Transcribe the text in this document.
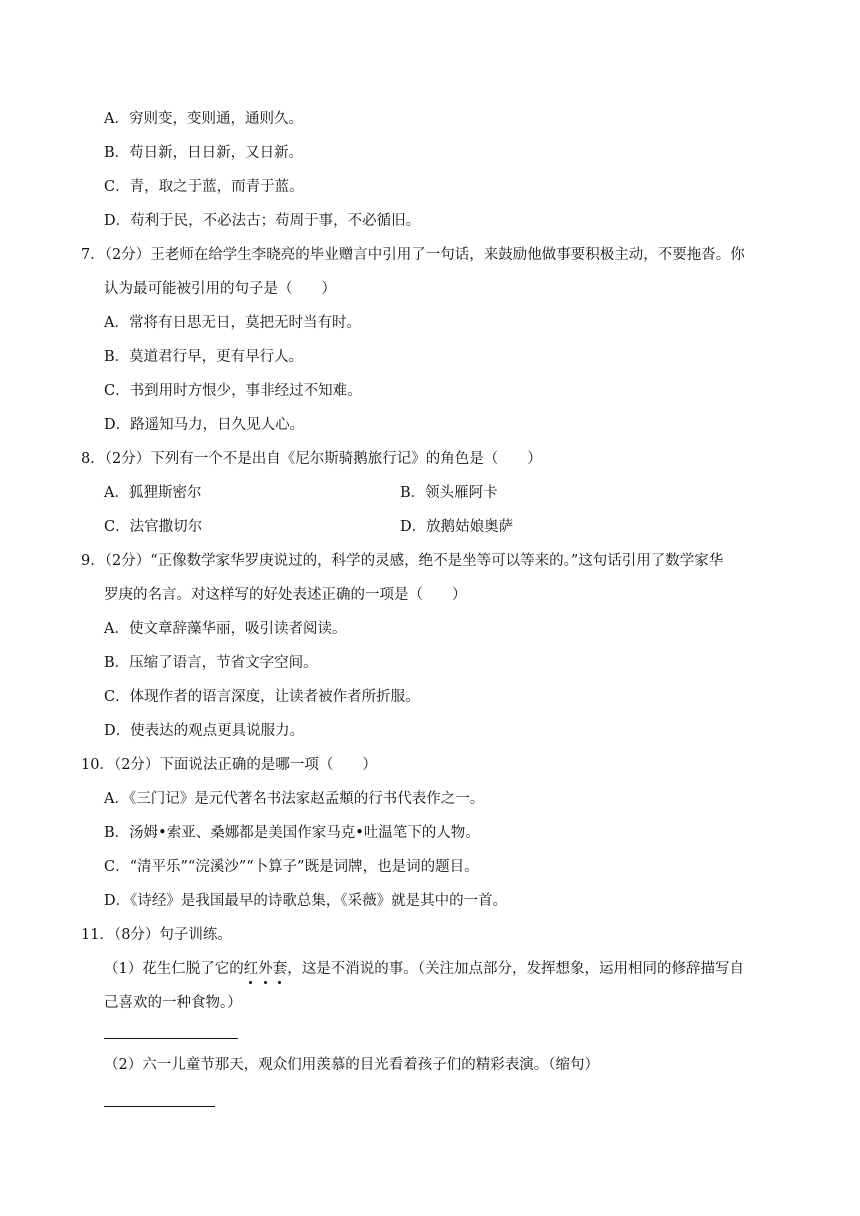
A．穷则变，变则通，通则久。
B．苟日新，日日新，又日新。
C．青，取之于蓝，而青于蓝。
D．苟利于民，不必法古；苟周于事，不必循旧。
7．（2分）王老师在给学生李晓亮的毕业赠言中引用了一句话，来鼓励他做事要积极主动，不要拖沓。你
认为最可能被引用的句子是（　　）
A．常将有日思无日，莫把无时当有时。
B．莫道君行早，更有早行人。
C．书到用时方恨少，事非经过不知难。
D．路遥知马力，日久见人心。
8．（2分）下列有一个不是出自《尼尔斯骑鹅旅行记》的角色是（　　）
A．狐狸斯密尔	B．领头雁阿卡
C．法官撒切尔	D．放鹅姑娘奥萨
9．（2分）“正像数学家华罗庚说过的，科学的灵感，绝不是坐等可以等来的。”这句话引用了数学家华
罗庚的名言。对这样写的好处表述正确的一项是（　　）
A．使文章辞藻华丽，吸引读者阅读。
B．压缩了语言，节省文字空间。
C．体现作者的语言深度，让读者被作者所折服。
D．使表达的观点更具说服力。
10．（2分）下面说法正确的是哪一项（　　）
A．《三门记》是元代著名书法家赵孟頫的行书代表作之一。
B．汤姆•索亚、桑娜都是美国作家马克•吐温笔下的人物。
C．“清平乐”“浣溪沙”“卜算子”既是词牌，也是词的题目。
D．《诗经》是我国最早的诗歌总集，《采薇》就是其中的一首。
11．（8分）句子训练。
（1）花生仁脱了它的红外套，这是不消说的事。（关注加点部分，发挥想象，运用相同的修辞描写自
己喜欢的一种食物。）
（2）六一儿童节那天，观众们用羡慕的目光看着孩子们的精彩表演。（缩句）
